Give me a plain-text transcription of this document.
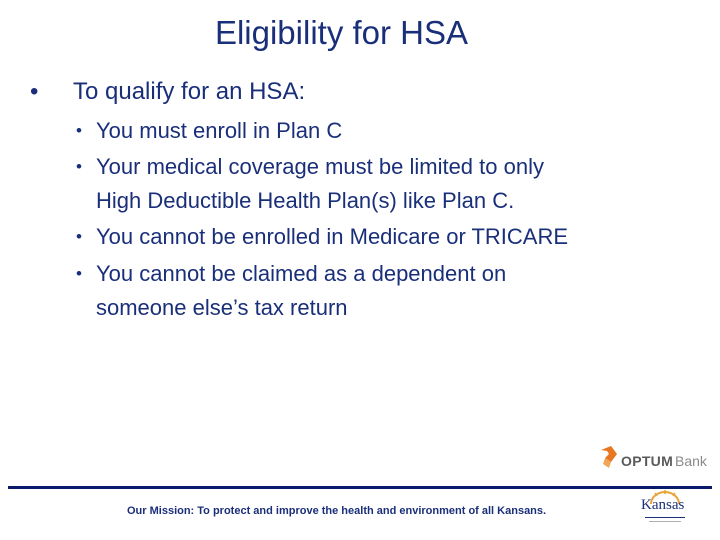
Eligibility for HSA
• To qualify for an HSA:
• You must enroll in Plan C
• Your medical coverage must be limited to only
High Deductible Health Plan(s) like Plan C.
• You cannot be enrolled in Medicare or TRICARE
• You cannot be claimed as a dependent on
someone else’s tax return
OPTUM Bank
Our Mission: To protect and improve the health and environment of all Kansans.	Kansas
